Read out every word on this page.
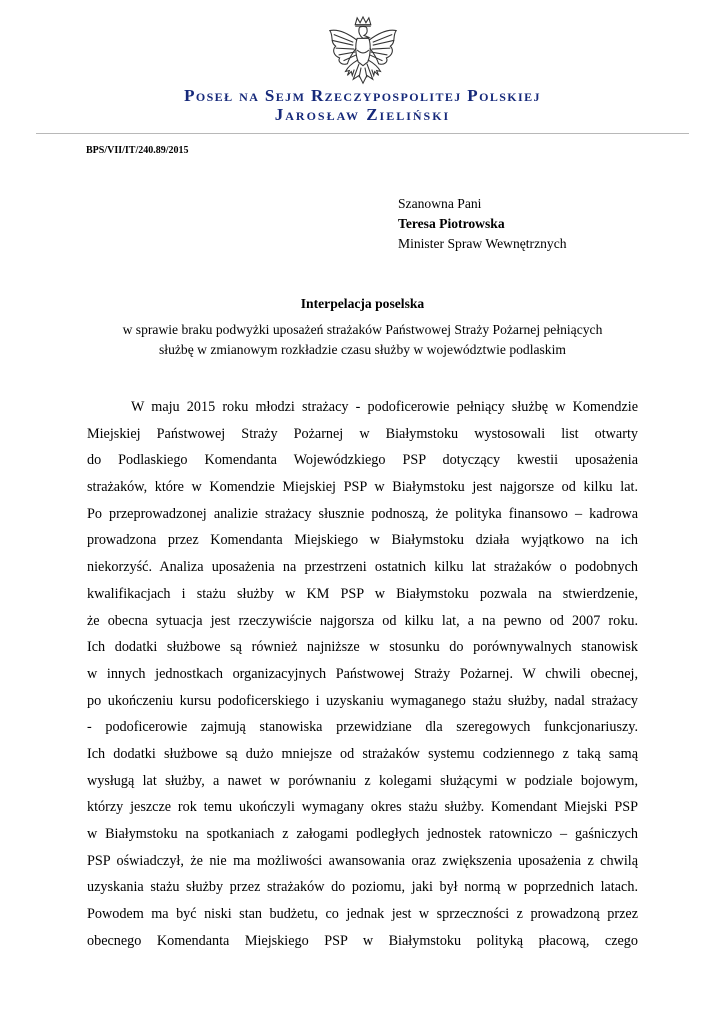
Poseł na Sejm Rzeczypospolitej Polskiej
Jarosław Zieliński
BPS/VII/IT/240.89/2015
Szanowna Pani
Teresa Piotrowska
Minister Spraw Wewnętrznych
Interpelacja poselska
w sprawie braku podwyżki uposażeń strażaków Państwowej Straży Pożarnej pełniących
służbę w zmianowym rozkładzie czasu służby w województwie podlaskim
W maju 2015 roku młodzi strażacy - podoficerowie pełniący służbę w Komendzie
Miejskiej Państwowej Straży Pożarnej w Białymstoku wystosowali list otwarty
do Podlaskiego Komendanta Wojewódzkiego PSP dotyczący kwestii uposażenia
strażaków, które w Komendzie Miejskiej PSP w Białymstoku jest najgorsze od kilku lat.
Po przeprowadzonej analizie strażacy słusznie podnoszą, że polityka finansowo – kadrowa
prowadzona przez Komendanta Miejskiego w Białymstoku działa wyjątkowo na ich
niekorzyść. Analiza uposażenia na przestrzeni ostatnich kilku lat strażaków o podobnych
kwalifikacjach i stażu służby w KM PSP w Białymstoku pozwala na stwierdzenie,
że obecna sytuacja jest rzeczywiście najgorsza od kilku lat, a na pewno od 2007 roku.
Ich dodatki służbowe są również najniższe w stosunku do porównywalnych stanowisk
w innych jednostkach organizacyjnych Państwowej Straży Pożarnej. W chwili obecnej,
po ukończeniu kursu podoficerskiego i uzyskaniu wymaganego stażu służby, nadal strażacy
- podoficerowie zajmują stanowiska przewidziane dla szeregowych funkcjonariuszy.
Ich dodatki służbowe są dużo mniejsze od strażaków systemu codziennego z taką samą
wysługą lat służby, a nawet w porównaniu z kolegami służącymi w podziale bojowym,
którzy jeszcze rok temu ukończyli wymagany okres stażu służby. Komendant Miejski PSP
w Białymstoku na spotkaniach z załogami podległych jednostek ratowniczo – gaśniczych
PSP oświadczył, że nie ma możliwości awansowania oraz zwiększenia uposażenia z chwilą
uzyskania stażu służby przez strażaków do poziomu, jaki był normą w poprzednich latach.
Powodem ma być niski stan budżetu, co jednak jest w sprzeczności z prowadzoną przez
obecnego Komendanta Miejskiego PSP w Białymstoku polityką płacową, czego
